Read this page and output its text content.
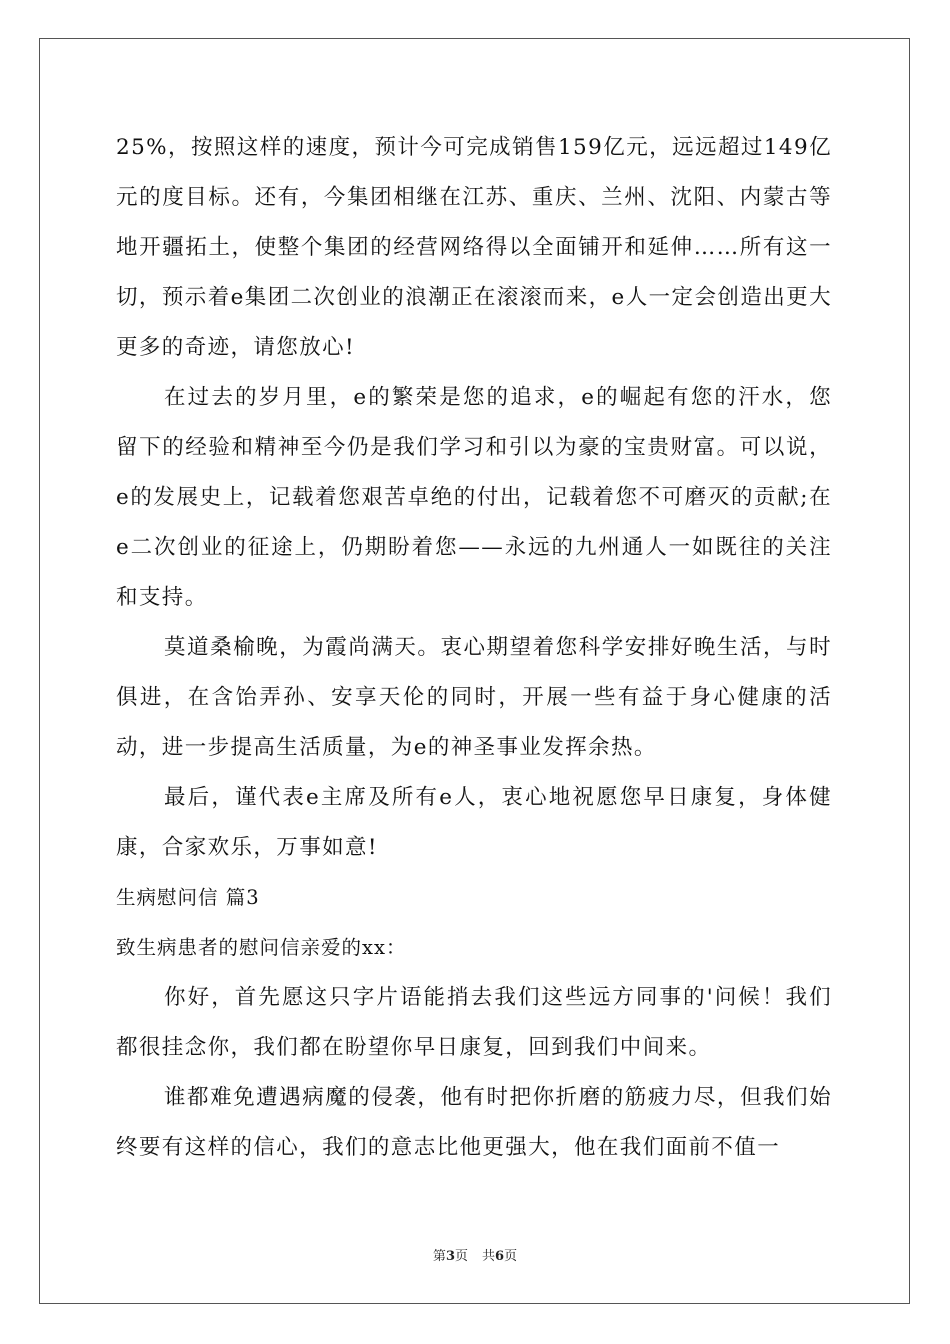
25%，按照这样的速度，预计今可完成销售159亿元，远远超过149亿元的度目标。还有，今集团相继在江苏、重庆、兰州、沈阳、内蒙古等地开疆拓土，使整个集团的经营网络得以全面铺开和延伸……所有这一切，预示着e集团二次创业的浪潮正在滚滚而来，e人一定会创造出更大更多的奇迹，请您放心!

在过去的岁月里，e的繁荣是您的追求，e的崛起有您的汗水，您留下的经验和精神至今仍是我们学习和引以为豪的宝贵财富。可以说，e的发展史上，记载着您艰苦卓绝的付出，记载着您不可磨灭的贡献;在e二次创业的征途上，仍期盼着您——永远的九州通人一如既往的关注和支持。

莫道桑榆晚，为霞尚满天。衷心期望着您科学安排好晚生活，与时俱进，在含饴弄孙、安享天伦的同时，开展一些有益于身心健康的活动，进一步提高生活质量，为e的神圣事业发挥余热。

最后，谨代表e主席及所有e人，衷心地祝愿您早日康复，身体健康，合家欢乐，万事如意!

生病慰问信 篇3

致生病患者的慰问信亲爱的xx：

你好，首先愿这只字片语能捎去我们这些远方同事的'问候！我们都很挂念你，我们都在盼望你早日康复，回到我们中间来。

谁都难免遭遇病魔的侵袭，他有时把你折磨的筋疲力尽，但我们始终要有这样的信心，我们的意志比他更强大，他在我们面前不值一

第3页 共6页
